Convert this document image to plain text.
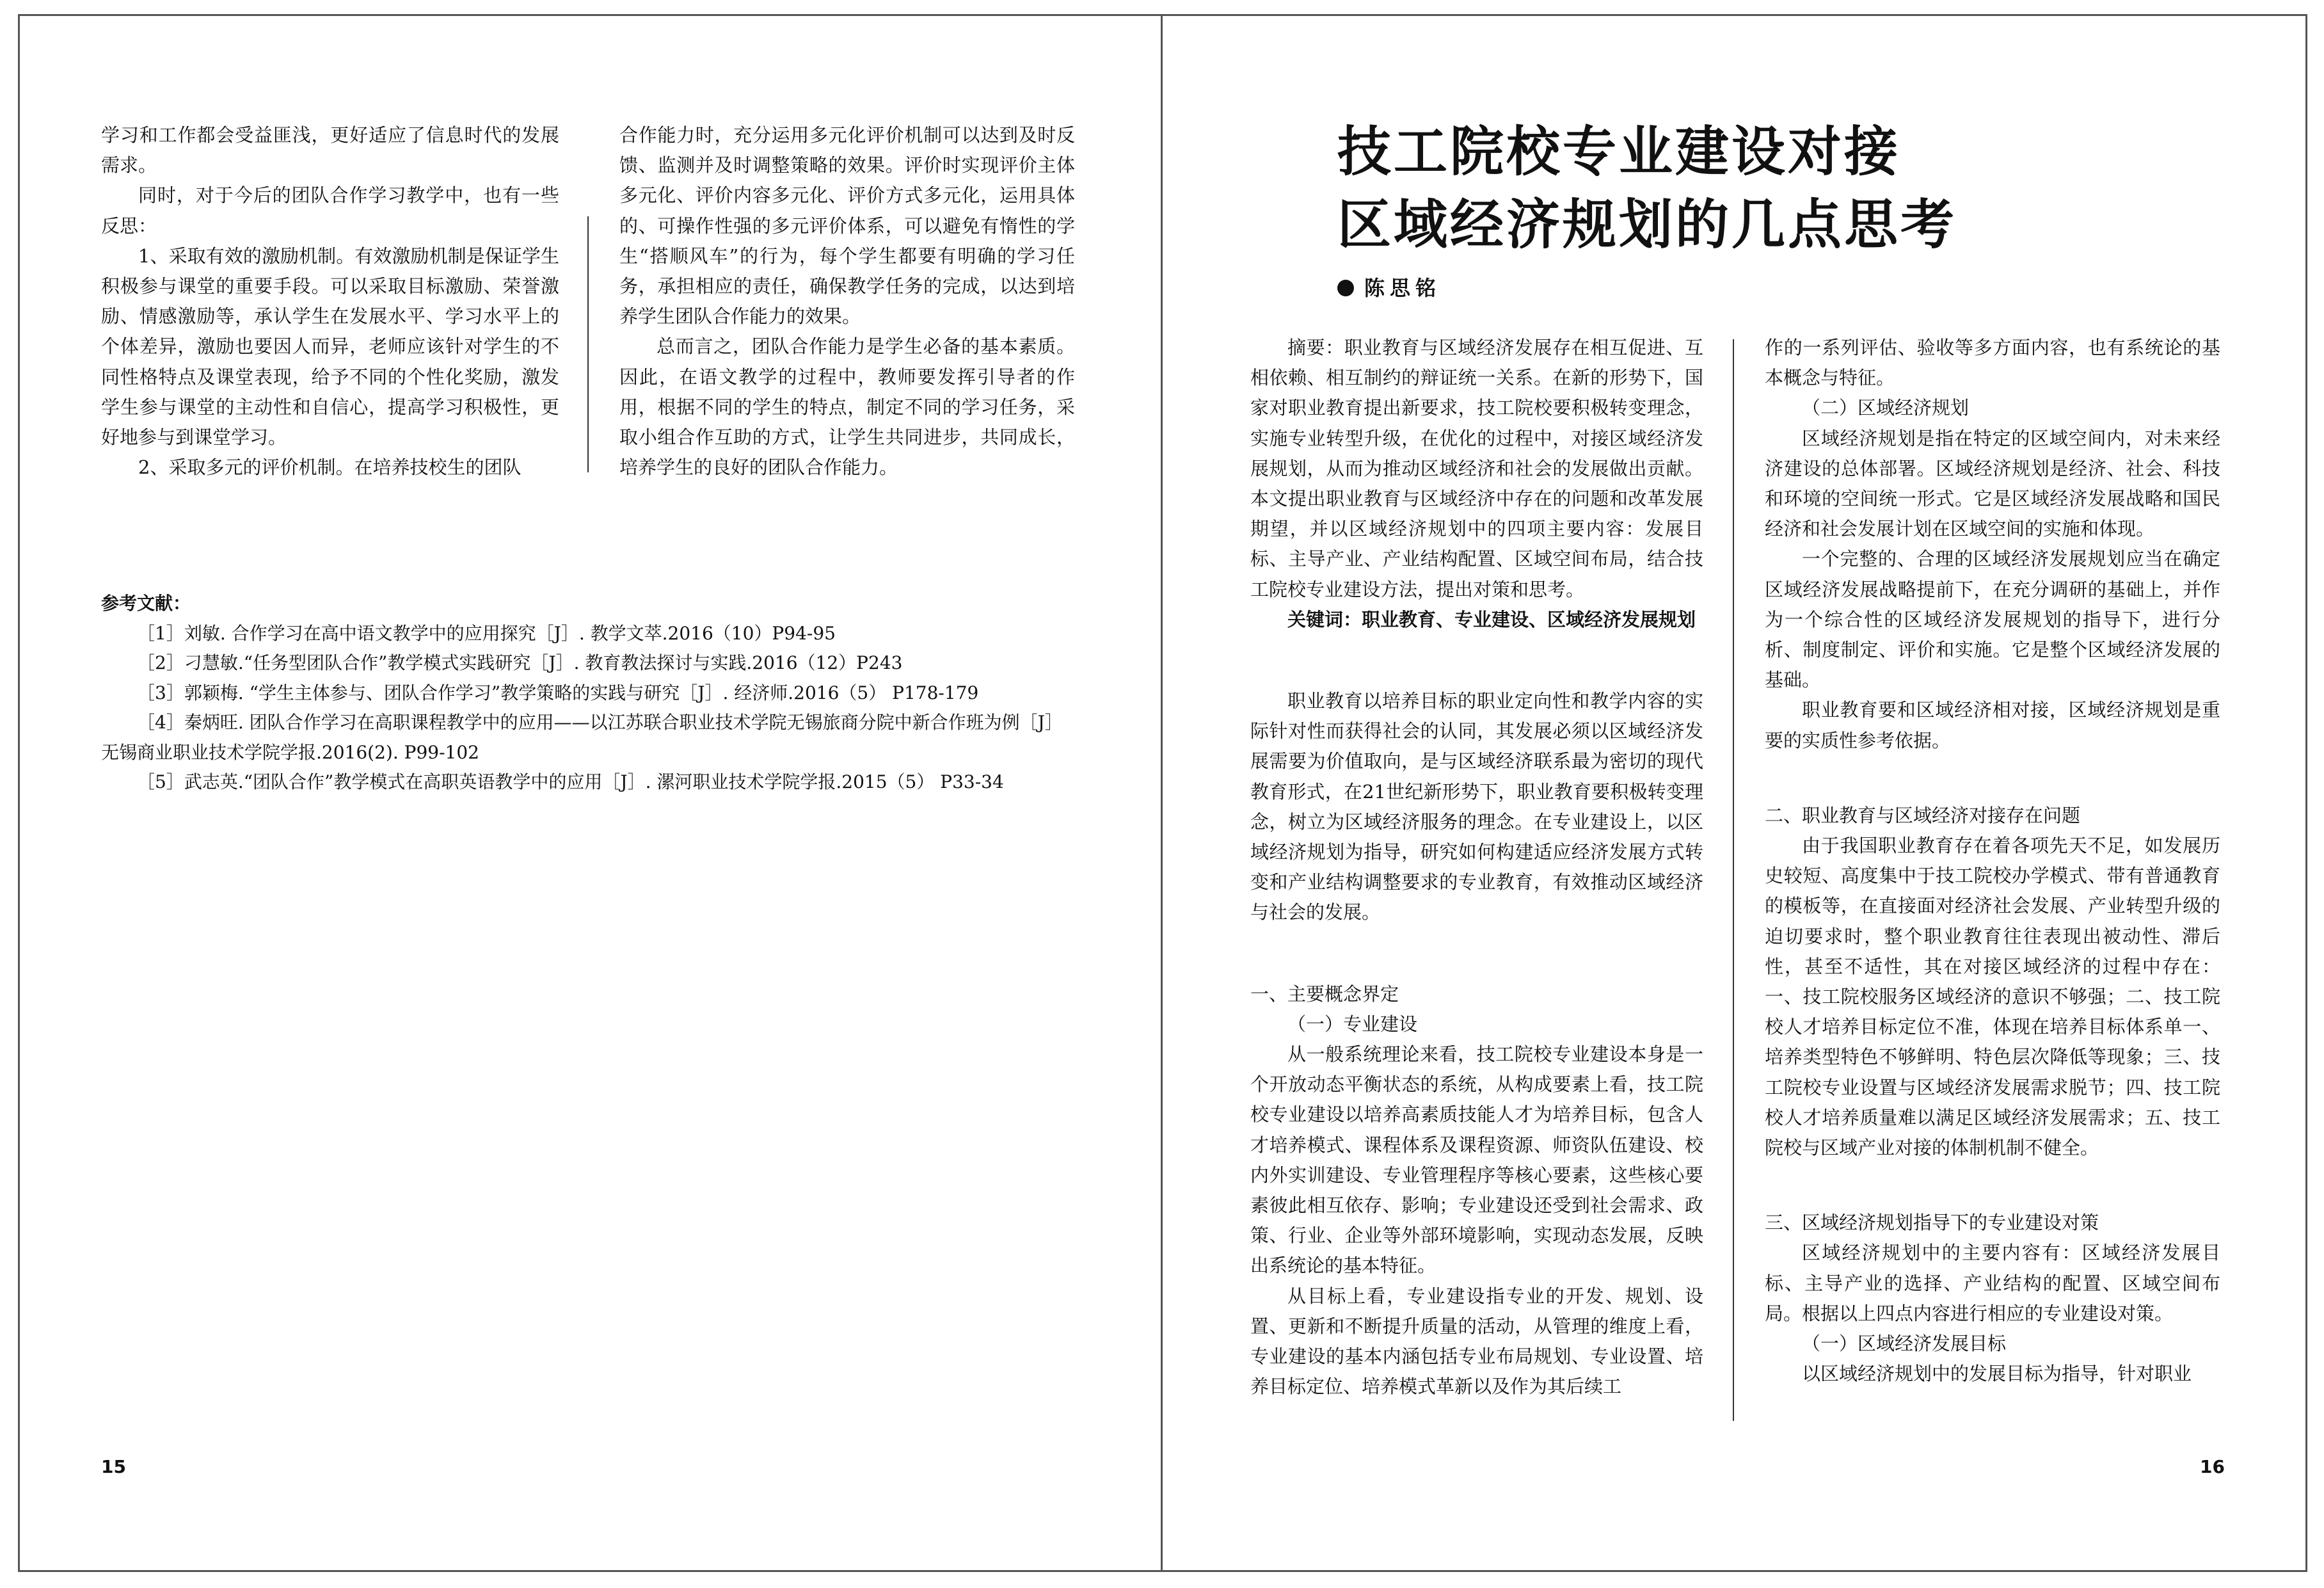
学习和工作都会受益匪浅，更好适应了信息时代的发展需求。

同时，对于今后的团队合作学习教学中，也有一些反思：

1、采取有效的激励机制。有效激励机制是保证学生积极参与课堂的重要手段。可以采取目标激励、荣誉激励、情感激励等，承认学生在发展水平、学习水平上的个体差异，激励也要因人而异，老师应该针对学生的不同性格特点及课堂表现，给予不同的个性化奖励，激发学生参与课堂的主动性和自信心，提高学习积极性，更好地参与到课堂学习。

2、采取多元的评价机制。在培养技校生的团队

合作能力时，充分运用多元化评价机制可以达到及时反馈、监测并及时调整策略的效果。评价时实现评价主体多元化、评价内容多元化、评价方式多元化，运用具体的、可操作性强的多元评价体系，可以避免有惰性的学生“搭顺风车”的行为，每个学生都要有明确的学习任务，承担相应的责任，确保教学任务的完成，以达到培养学生团队合作能力的效果。

总而言之，团队合作能力是学生必备的基本素质。因此，在语文教学的过程中，教师要发挥引导者的作用，根据不同的学生的特点，制定不同的学习任务，采取小组合作互助的方式，让学生共同进步，共同成长，培养学生的良好的团队合作能力。

参考文献：

［1］刘敏. 合作学习在高中语文教学中的应用探究［J］. 教学文萃.2016（10）P94-95

［2］刁慧敏.“任务型团队合作”教学模式实践研究［J］. 教育教法探讨与实践.2016（12）P243

［3］郭颖梅. “学生主体参与、团队合作学习”教学策略的实践与研究［J］. 经济师.2016（5） P178-179

［4］秦炳旺. 团队合作学习在高职课程教学中的应用——以江苏联合职业技术学院无锡旅商分院中新合作班为例［J］无锡商业职业技术学院学报.2016(2). P99-102

［5］武志英.“团队合作”教学模式在高职英语教学中的应用［J］. 漯河职业技术学院学报.2015（5） P33-34

15
技工院校专业建设对接
区域经济规划的几点思考
陈思铭

摘要：职业教育与区域经济发展存在相互促进、互相依赖、相互制约的辩证统一关系。在新的形势下，国家对职业教育提出新要求，技工院校要积极转变理念，实施专业转型升级，在优化的过程中，对接区域经济发展规划，从而为推动区域经济和社会的发展做出贡献。本文提出职业教育与区域经济中存在的问题和改革发展期望，并以区域经济规划中的四项主要内容：发展目标、主导产业、产业结构配置、区域空间布局，结合技工院校专业建设方法，提出对策和思考。

关键词：职业教育、专业建设、区域经济发展规划

职业教育以培养目标的职业定向性和教学内容的实际针对性而获得社会的认同，其发展必须以区域经济发展需要为价值取向，是与区域经济联系最为密切的现代教育形式，在21世纪新形势下，职业教育要积极转变理念，树立为区域经济服务的理念。在专业建设上，以区域经济规划为指导，研究如何构建适应经济发展方式转变和产业结构调整要求的专业教育，有效推动区域经济与社会的发展。

一、主要概念界定

（一）专业建设

从一般系统理论来看，技工院校专业建设本身是一个开放动态平衡状态的系统，从构成要素上看，技工院校专业建设以培养高素质技能人才为培养目标，包含人才培养模式、课程体系及课程资源、师资队伍建设、校内外实训建设、专业管理程序等核心要素，这些核心要素彼此相互依存、影响；专业建设还受到社会需求、政策、行业、企业等外部环境影响，实现动态发展，反映出系统论的基本特征。

从目标上看，专业建设指专业的开发、规划、设置、更新和不断提升质量的活动，从管理的维度上看，专业建设的基本内涵包括专业布局规划、专业设置、培养目标定位、培养模式革新以及作为其后续工

作的一系列评估、验收等多方面内容，也有系统论的基本概念与特征。

（二）区域经济规划

区域经济规划是指在特定的区域空间内，对未来经济建设的总体部署。区域经济规划是经济、社会、科技和环境的空间统一形式。它是区域经济发展战略和国民经济和社会发展计划在区域空间的实施和体现。

一个完整的、合理的区域经济发展规划应当在确定区域经济发展战略提前下，在充分调研的基础上，并作为一个综合性的区域经济发展规划的指导下，进行分析、制度制定、评价和实施。它是整个区域经济发展的基础。

职业教育要和区域经济相对接，区域经济规划是重要的实质性参考依据。

二、职业教育与区域经济对接存在问题

由于我国职业教育存在着各项先天不足，如发展历史较短、高度集中于技工院校办学模式、带有普通教育的模板等，在直接面对经济社会发展、产业转型升级的迫切要求时，整个职业教育往往表现出被动性、滞后性，甚至不适性，其在对接区域经济的过程中存在：一、技工院校服务区域经济的意识不够强；二、技工院校人才培养目标定位不准，体现在培养目标体系单一、培养类型特色不够鲜明、特色层次降低等现象；三、技工院校专业设置与区域经济发展需求脱节；四、技工院校人才培养质量难以满足区域经济发展需求；五、技工院校与区域产业对接的体制机制不健全。

三、区域经济规划指导下的专业建设对策

区域经济规划中的主要内容有：区域经济发展目标、主导产业的选择、产业结构的配置、区域空间布局。根据以上四点内容进行相应的专业建设对策。

（一）区域经济发展目标

以区域经济规划中的发展目标为指导，针对职业

16
